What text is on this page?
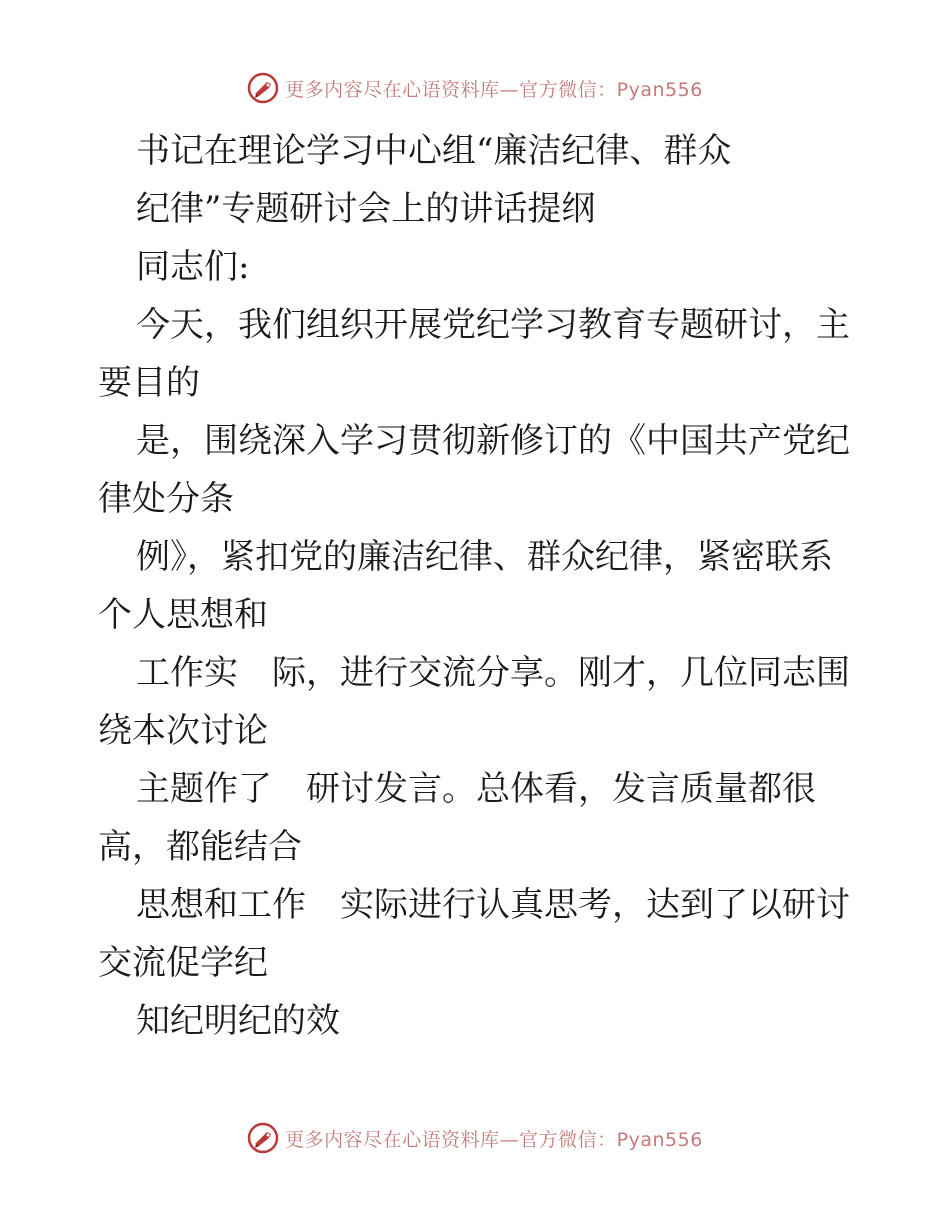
更多内容尽在心语资料库—官方微信：Pyan556
书记在理论学习中心组“廉洁纪律、群众
纪律”专题研讨会上的讲话提纲
同志们:
今天，我们组织开展党纪学习教育专题研讨，主
要目的
是，围绕深入学习贯彻新修订的《中国共产党纪
律处分条
例》，紧扣党的廉洁纪律、群众纪律，紧密联系
个人思想和
工作实　际，进行交流分享。刚才，几位同志围
绕本次讨论
主题作了　研讨发言。总体看，发言质量都很
高，都能结合
思想和工作　实际进行认真思考，达到了以研讨
交流促学纪
知纪明纪的效
更多内容尽在心语资料库—官方微信：Pyan556
